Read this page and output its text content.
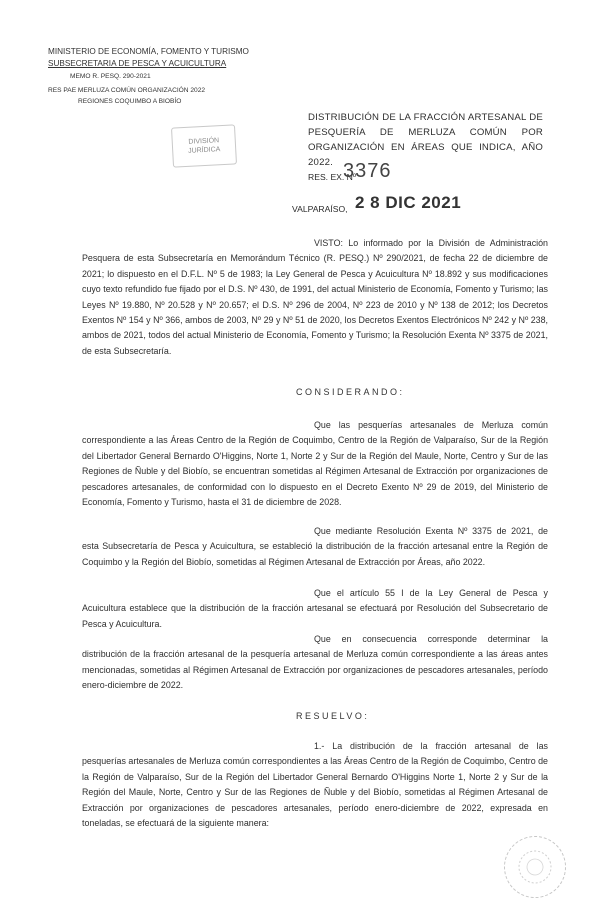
MINISTERIO DE ECONOMÍA, FOMENTO Y TURISMO
SUBSECRETARIA DE PESCA Y ACUICULTURA
MEMO R. PESQ. 290-2021
RES PAE MERLUZA COMÚN ORGANIZACIÓN 2022
REGIONES COQUIMBO A BIOBÍO
DIVISIÓN
JURÍDICA
DISTRIBUCIÓN DE LA FRACCIÓN ARTESANAL DE PESQUERÍA DE MERLUZA COMÚN POR ORGANIZACIÓN EN ÁREAS QUE INDICA, AÑO 2022.
RES. EX. Nº
3376
VALPARAÍSO, 2 8 DIC 2021
VISTO: Lo informado por la División de Administración Pesquera de esta Subsecretaría en Memorándum Técnico (R. PESQ.) Nº 290/2021, de fecha 22 de diciembre de 2021; lo dispuesto en el D.F.L. Nº 5 de 1983; la Ley General de Pesca y Acuicultura Nº 18.892 y sus modificaciones cuyo texto refundido fue fijado por el D.S. Nº 430, de 1991, del actual Ministerio de Economía, Fomento y Turismo; las Leyes Nº 19.880, Nº 20.528 y Nº 20.657; el D.S. Nº 296 de 2004, Nº 223 de 2010 y Nº 138 de 2012; los Decretos Exentos Nº 154 y Nº 366, ambos de 2003, Nº 29 y Nº 51 de 2020, los Decretos Exentos Electrónicos Nº 242 y Nº 238, ambos de 2021, todos del actual Ministerio de Economía, Fomento y Turismo; la Resolución Exenta Nº 3375 de 2021, de esta Subsecretaría.
CONSIDERANDO:
Que las pesquerías artesanales de Merluza común correspondiente a las Áreas Centro de la Región de Coquimbo, Centro de la Región de Valparaíso, Sur de la Región del Libertador General Bernardo O'Higgins, Norte 1, Norte 2 y Sur de la Región del Maule, Norte, Centro y Sur de las Regiones de Ñuble y del Biobío, se encuentran sometidas al Régimen Artesanal de Extracción por organizaciones de pescadores artesanales, de conformidad con lo dispuesto en el Decreto Exento Nº 29 de 2019, del Ministerio de Economía, Fomento y Turismo, hasta el 31 de diciembre de 2028.
Que mediante Resolución Exenta Nº 3375 de 2021, de esta Subsecretaría de Pesca y Acuicultura, se estableció la distribución de la fracción artesanal entre la Región de Coquimbo y la Región del Biobío, sometidas al Régimen Artesanal de Extracción por Áreas, año 2022.
Que el artículo 55 I de la Ley General de Pesca y Acuicultura establece que la distribución de la fracción artesanal se efectuará por Resolución del Subsecretario de Pesca y Acuicultura.
Que en consecuencia corresponde determinar la distribución de la fracción artesanal de la pesquería artesanal de Merluza común correspondiente a las áreas antes mencionadas, sometidas al Régimen Artesanal de Extracción por organizaciones de pescadores artesanales, período enero-diciembre de 2022.
RESUELVO:
1.- La distribución de la fracción artesanal de las pesquerías artesanales de Merluza común correspondientes a las Áreas Centro de la Región de Coquimbo, Centro de la Región de Valparaíso, Sur de la Región del Libertador General Bernardo O'Higgins Norte 1, Norte 2 y Sur de la Región del Maule, Norte, Centro y Sur de las Regiones de Ñuble y del Biobío, sometidas al Régimen Artesanal de Extracción por organizaciones de pescadores artesanales, período enero-diciembre de 2022, expresada en toneladas, se efectuará de la siguiente manera:
